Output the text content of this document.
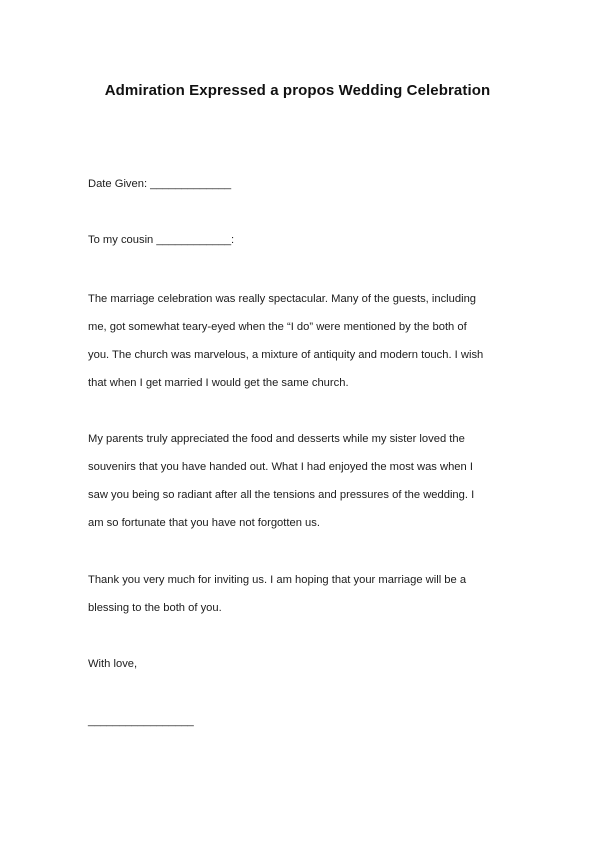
Admiration Expressed a propos Wedding Celebration
Date Given: _____________
To my cousin ____________:
The marriage celebration was really spectacular. Many of the guests, including
me, got somewhat teary-eyed when the “I do” were mentioned by the both of
you. The church was marvelous, a mixture of antiquity and modern touch. I wish
that when I get married I would get the same church.
My parents truly appreciated the food and desserts while my sister loved the
souvenirs that you have handed out. What I had enjoyed the most was when I
saw you being so radiant after all the tensions and pressures of the wedding. I
am so fortunate that you have not forgotten us.
Thank you very much for inviting us. I am hoping that your marriage will be a
blessing to the both of you.
With love,
_________________
